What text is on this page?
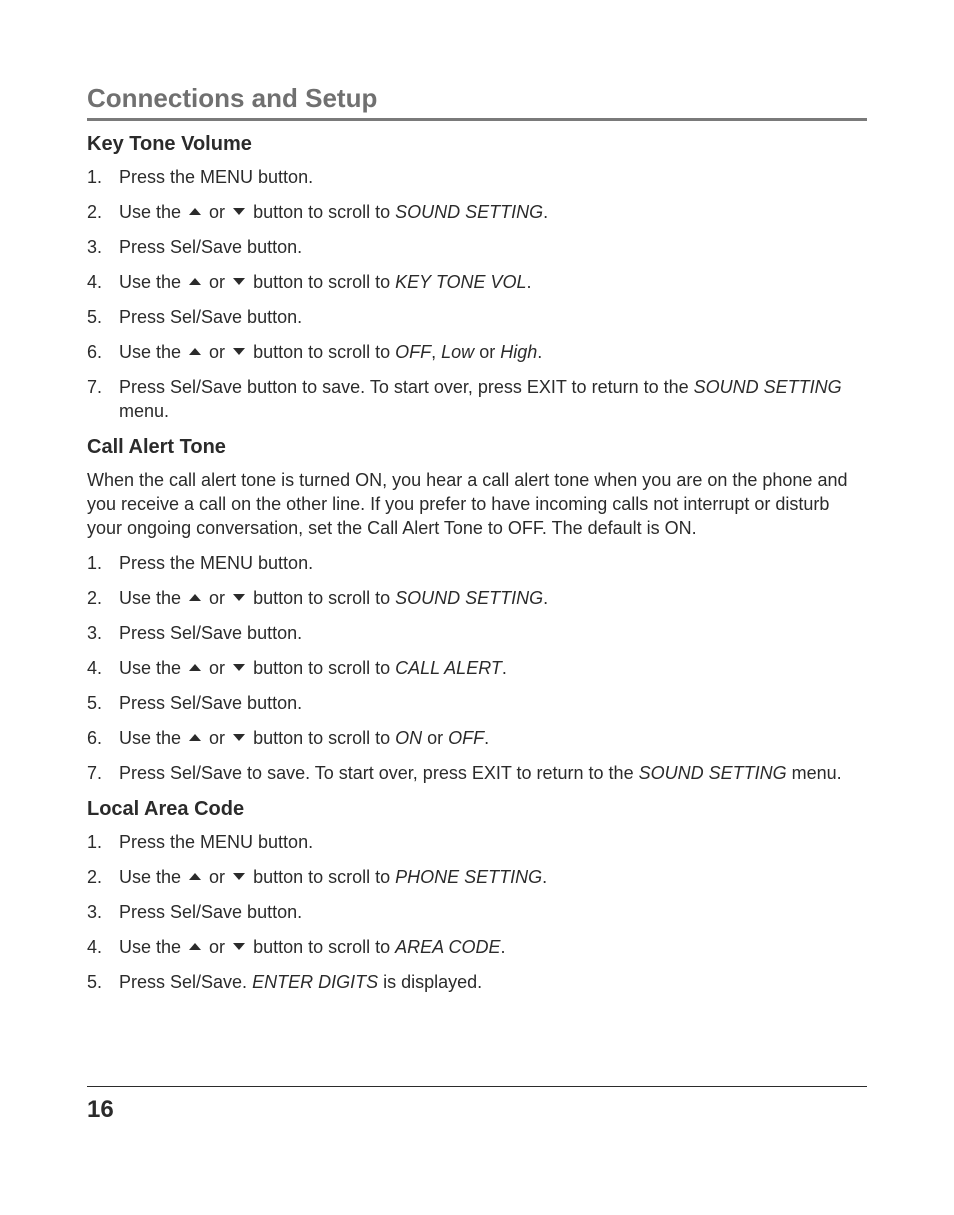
Connections and Setup
Key Tone Volume
1. Press the MENU button.
2. Use the or button to scroll to SOUND SETTING.
3. Press Sel/Save button.
4. Use the or button to scroll to KEY TONE VOL.
5. Press Sel/Save button.
6. Use the or button to scroll to OFF, Low or High.
7. Press Sel/Save button to save. To start over, press EXIT to return to the SOUND SETTING menu.
Call Alert Tone

When the call alert tone is turned ON, you hear a call alert tone when you are on the phone and you receive a call on the other line. If you prefer to have incoming calls not interrupt or disturb your ongoing conversation, set the Call Alert Tone to OFF. The default is ON.

1. Press the MENU button.
2. Use the or button to scroll to SOUND SETTING.
3. Press Sel/Save button.
4. Use the or button to scroll to CALL ALERT.
5. Press Sel/Save button.
6. Use the or button to scroll to ON or OFF.
7. Press Sel/Save to save. To start over, press EXIT to return to the SOUND SETTING menu.
Local Area Code
1. Press the MENU button.
2. Use the or button to scroll to PHONE SETTING.
3. Press Sel/Save button.
4. Use the or button to scroll to AREA CODE.
5. Press Sel/Save. ENTER DIGITS is displayed.
16
